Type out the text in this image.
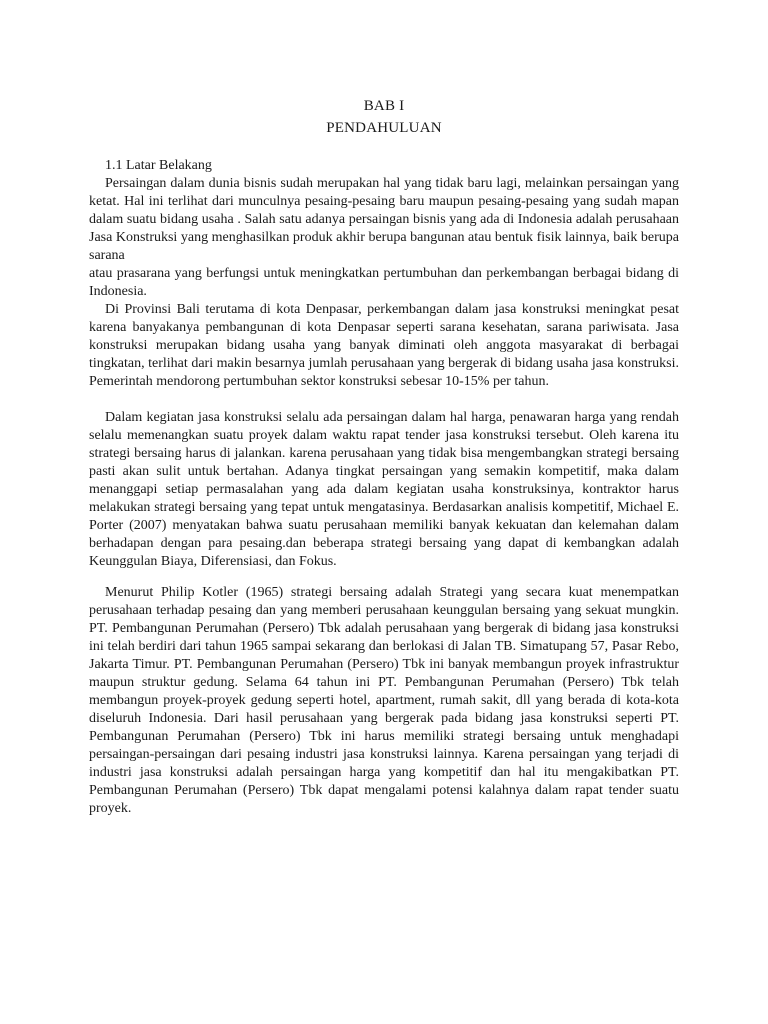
BAB I
PENDAHULUAN
1.1 Latar Belakang

Persaingan dalam dunia bisnis sudah merupakan hal yang tidak baru lagi, melainkan persaingan yang ketat. Hal ini terlihat dari munculnya pesaing-pesaing baru maupun pesaing-pesaing yang sudah mapan dalam suatu bidang usaha . Salah satu adanya persaingan bisnis yang ada di Indonesia adalah perusahaan Jasa Konstruksi yang menghasilkan produk akhir berupa bangunan atau bentuk fisik lainnya, baik berupa sarana

atau prasarana yang berfungsi untuk meningkatkan pertumbuhan dan perkembangan berbagai bidang di Indonesia.

Di Provinsi Bali terutama di kota Denpasar, perkembangan dalam jasa konstruksi meningkat pesat karena banyakanya pembangunan di kota Denpasar seperti sarana kesehatan, sarana pariwisata. Jasa konstruksi merupakan bidang usaha yang banyak diminati oleh anggota masyarakat di berbagai tingkatan, terlihat dari makin besarnya jumlah perusahaan yang bergerak di bidang usaha jasa konstruksi. Pemerintah mendorong pertumbuhan sektor konstruksi sebesar 10-15% per tahun.

Dalam kegiatan jasa konstruksi selalu ada persaingan dalam hal harga, penawaran harga yang rendah selalu memenangkan suatu proyek dalam waktu rapat tender jasa konstruksi tersebut. Oleh karena itu strategi bersaing harus di jalankan. karena perusahaan yang tidak bisa mengembangkan strategi bersaing pasti akan sulit untuk bertahan. Adanya tingkat persaingan yang semakin kompetitif, maka dalam menanggapi setiap permasalahan yang ada dalam kegiatan usaha konstruksinya, kontraktor harus melakukan strategi bersaing yang tepat untuk mengatasinya. Berdasarkan analisis kompetitif, Michael E. Porter (2007) menyatakan bahwa suatu perusahaan memiliki banyak kekuatan dan kelemahan dalam berhadapan dengan para pesaing.dan beberapa strategi bersaing yang dapat di kembangkan adalah Keunggulan Biaya, Diferensiasi, dan Fokus.

Menurut Philip Kotler (1965) strategi bersaing adalah Strategi yang secara kuat menempatkan perusahaan terhadap pesaing dan yang memberi perusahaan keunggulan bersaing yang sekuat mungkin. PT. Pembangunan Perumahan (Persero) Tbk adalah perusahaan yang bergerak di bidang jasa konstruksi ini telah berdiri dari tahun 1965 sampai sekarang dan berlokasi di Jalan TB. Simatupang 57, Pasar Rebo, Jakarta Timur. PT. Pembangunan Perumahan (Persero) Tbk ini banyak membangun proyek infrastruktur maupun struktur gedung. Selama 64 tahun ini PT. Pembangunan Perumahan (Persero) Tbk telah membangun proyek-proyek gedung seperti hotel, apartment, rumah sakit, dll yang berada di kota-kota diseluruh Indonesia. Dari hasil perusahaan yang bergerak pada bidang jasa konstruksi seperti PT. Pembangunan Perumahan (Persero) Tbk ini harus memiliki strategi bersaing untuk menghadapi persaingan-persaingan dari pesaing industri jasa konstruksi lainnya. Karena persaingan yang terjadi di industri jasa konstruksi adalah persaingan harga yang kompetitif dan hal itu mengakibatkan PT. Pembangunan Perumahan (Persero) Tbk dapat mengalami potensi kalahnya dalam rapat tender suatu proyek.
